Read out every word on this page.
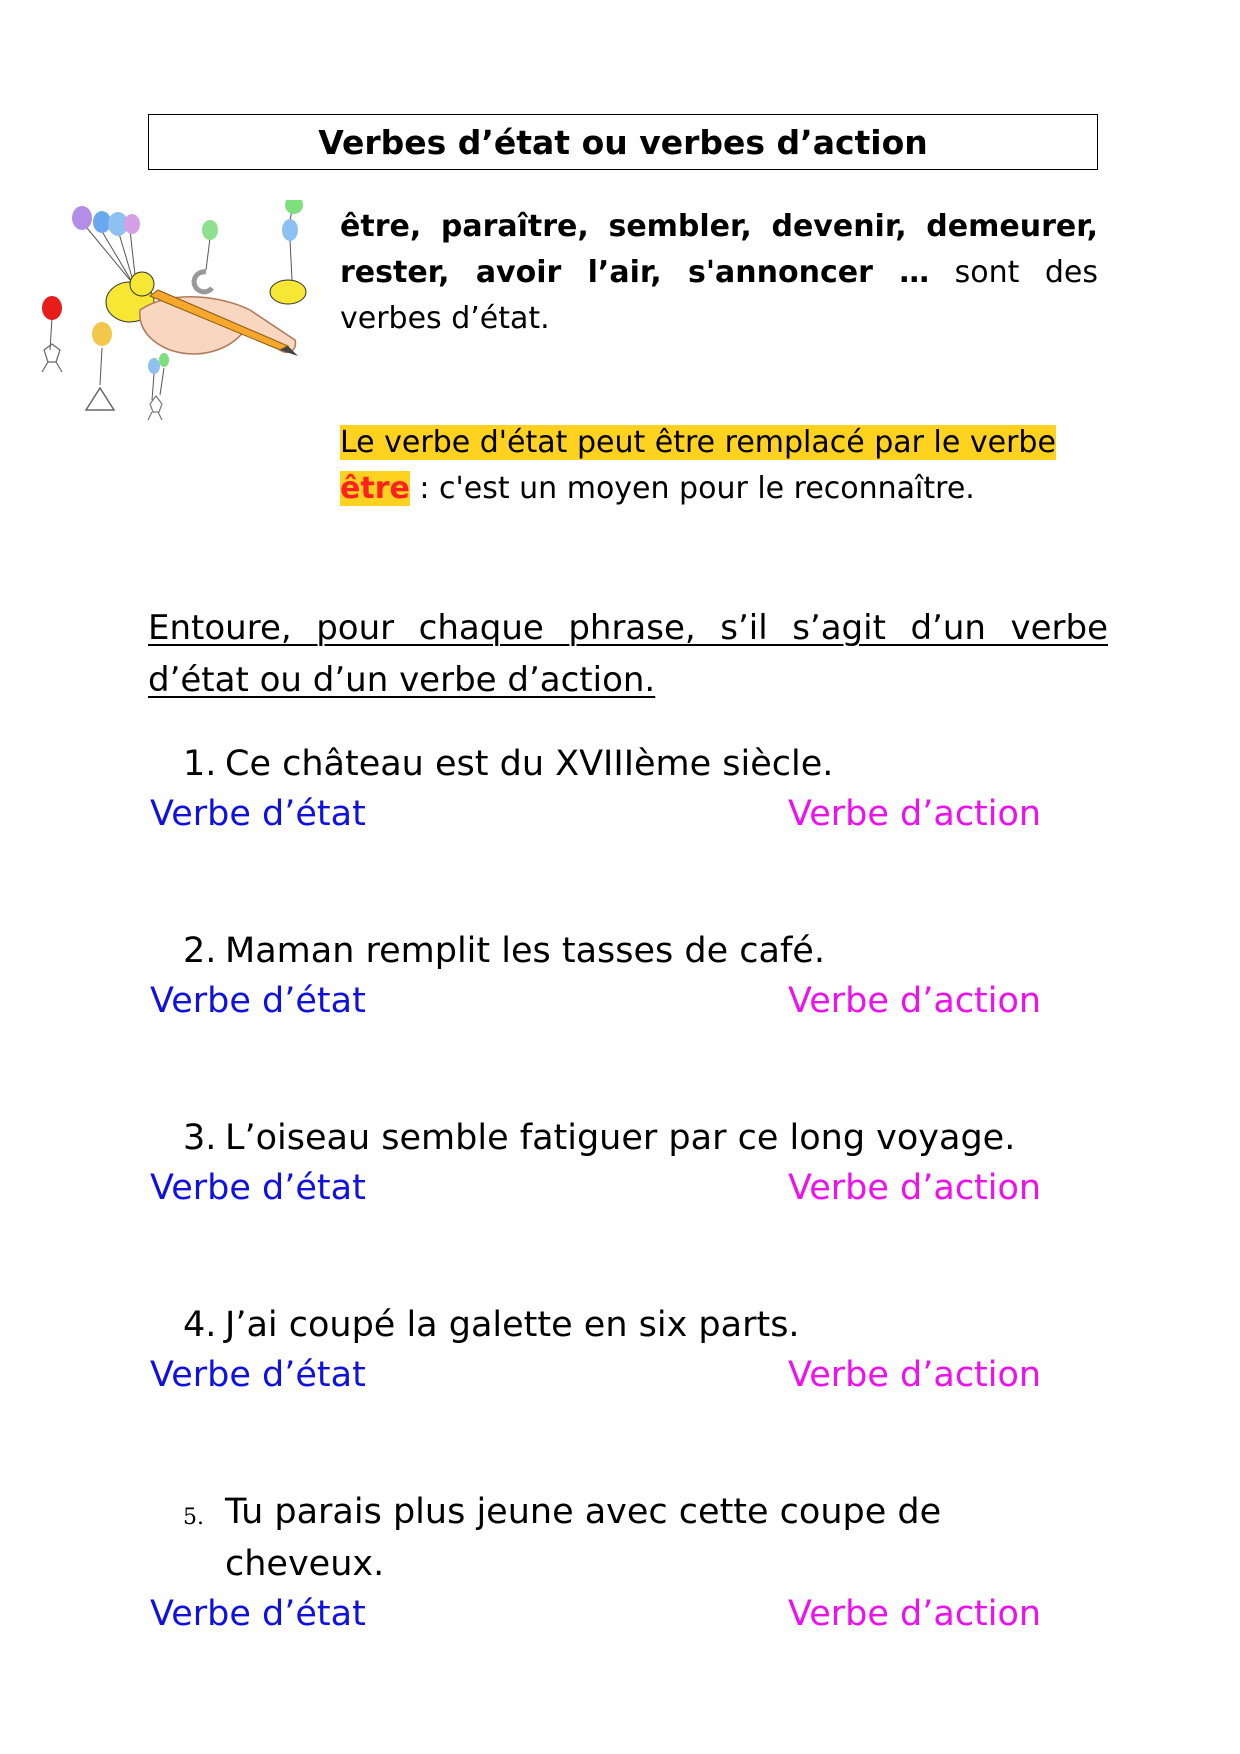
Verbes d’état ou verbes d’action
être, paraître, sembler, devenir, demeurer,
rester, avoir l’air, s'annoncer … sont des
verbes d’état.
Le verbe d'état peut être remplacé par le verbe
être : c'est un moyen pour le reconnaître.
Entoure, pour chaque phrase, s’il s’agit d’un verbe
d’état ou d’un verbe d’action.
1. Ce château est du XVIIIème siècle.
Verbe d’état	Verbe d’action
2. Maman remplit les tasses de café.
Verbe d’état	Verbe d’action
3. L’oiseau semble fatiguer par ce long voyage.
Verbe d’état	Verbe d’action
4. J’ai coupé la galette en six parts.
Verbe d’état	Verbe d’action
5. Tu parais plus jeune avec cette coupe de cheveux.
Verbe d’état	Verbe d’action
